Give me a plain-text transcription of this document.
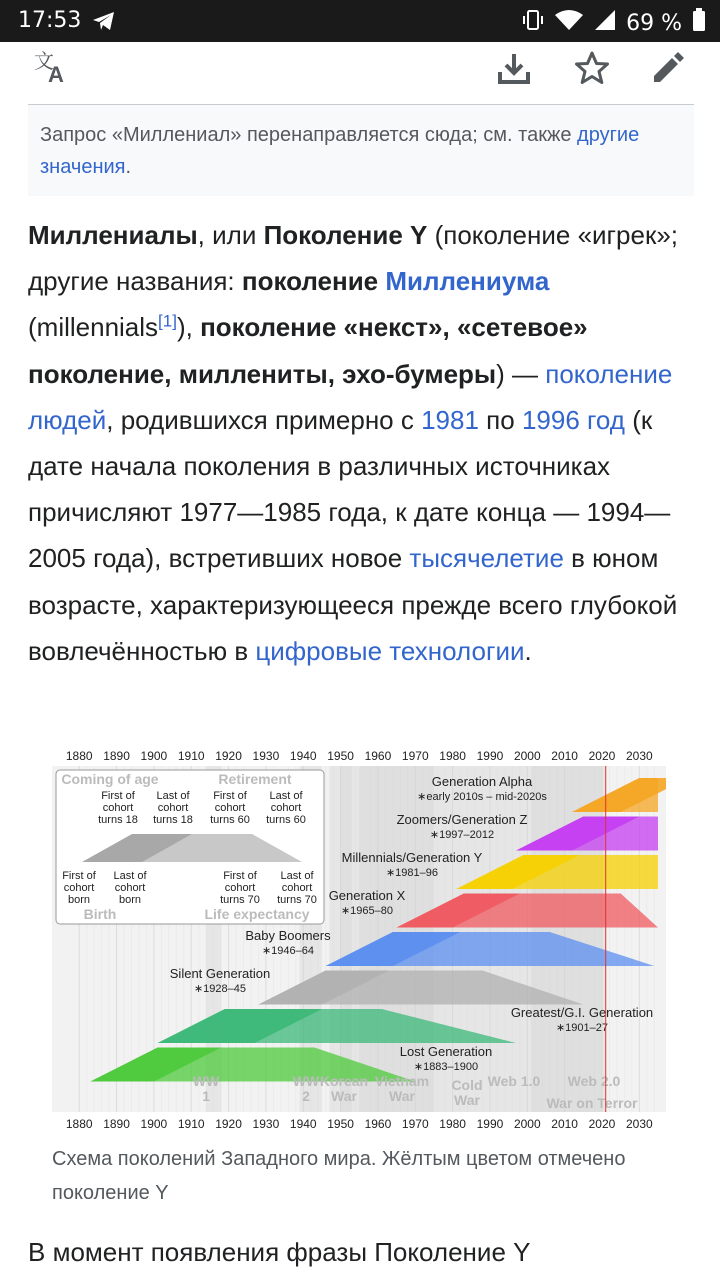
17:53	69 %
文
A
Запрос «Миллениал» перенаправляется сюда; см. также другие значения.
Миллениалы, или Поколение Y (поколение «игрек»; другие названия: поколение Миллениума (millennials[1]), поколение «некст», «сетевое» поколение, миллениты, эхо-бумеры) — поколение людей, родившихся примерно с 1981 по 1996 год (к дате начала поколения в различных источниках причисляют 1977—1985 года, к дате конца — 1994—2005 года), встретивших новое тысячелетие в юном возрасте, характеризующееся прежде всего глубокой вовлечённостью в цифровые технологии.
1880
1880
1890
1890
1900
1900
1910
1910
1920
1920
1930
1930
1940
1940
1950
1950
1960
1960
1970
1970
1980
1980
1990
1990
2000
2000
2010
2010
2020
2020
2030
2030
Generation Alpha
∗early 2010s – mid-2020s
Zoomers/Generation Z
∗1997–2012
Millennials/Generation Y
∗1981–96
Generation X
∗1965–80
Baby Boomers
∗1946–64
Silent Generation
∗1928–45
Greatest/G.I. Generation
∗1901–27
Lost Generation
∗1883–1900
Coming of age	Retirement
Birth	Life expectancy
First of
cohort
turns 18
Last of
cohort
turns 18
First of
cohort
turns 60
Last of
cohort
turns 60
First of
cohort
born
Last of
cohort
born
First of
cohort
turns 70
Last of
cohort
turns 70
WW
1
WW
2
Korean
War
Vietnam
War
Cold
War
Web 1.0 Web 2.0
War on Terror
Схема поколений Западного мира. Жёлтым цветом отмечено поколение Y
В момент появления фразы Поколение Y
